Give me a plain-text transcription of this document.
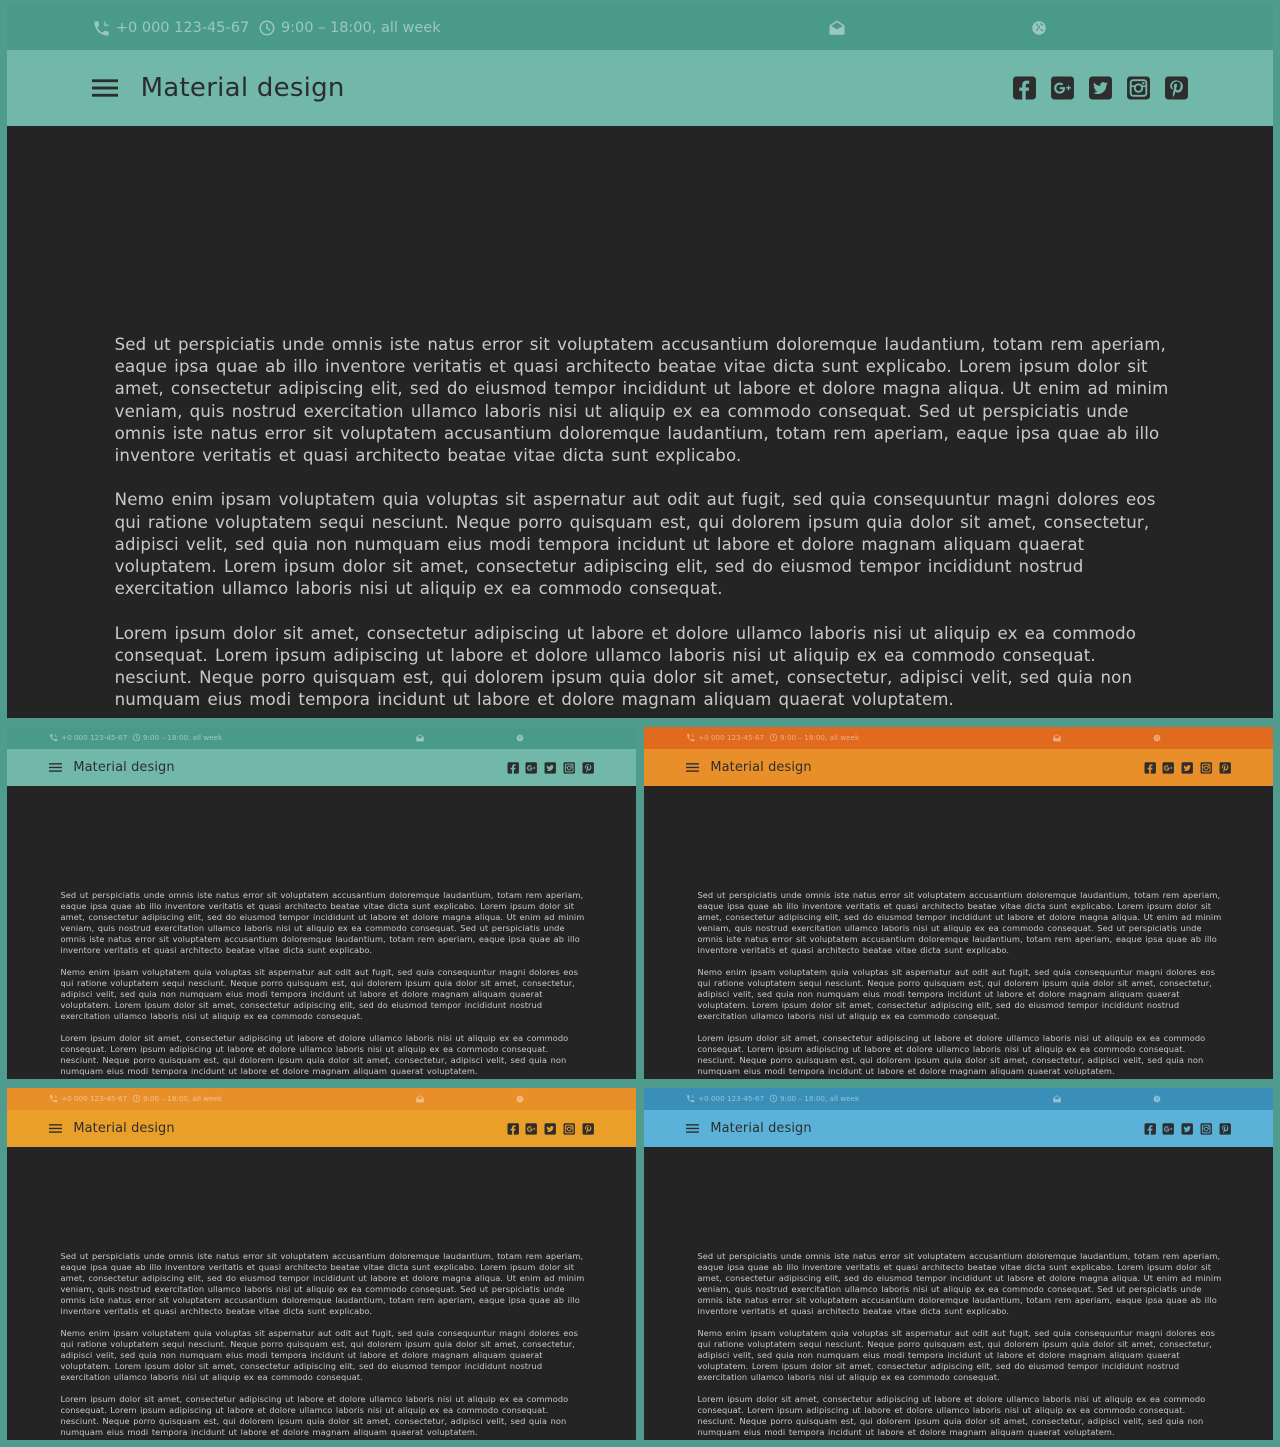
+0 000 123-45-67 9:00 – 18:00, all week
Material design

Sed ut perspiciatis unde omnis iste natus error sit voluptatem accusantium doloremque laudantium, totam rem aperiam, eaque ipsa quae ab illo inventore veritatis et quasi architecto beatae vitae dicta sunt explicabo. Lorem ipsum dolor sit amet, consectetur adipiscing elit, sed do eiusmod tempor incididunt ut labore et dolore magna aliqua. Ut enim ad minim veniam, quis nostrud exercitation ullamco laboris nisi ut aliquip ex ea commodo consequat. Sed ut perspiciatis unde omnis iste natus error sit voluptatem accusantium doloremque laudantium, totam rem aperiam, eaque ipsa quae ab illo inventore veritatis et quasi architecto beatae vitae dicta sunt explicabo.

Nemo enim ipsam voluptatem quia voluptas sit aspernatur aut odit aut fugit, sed quia consequuntur magni dolores eos qui ratione voluptatem sequi nesciunt. Neque porro quisquam est, qui dolorem ipsum quia dolor sit amet, consectetur, adipisci velit, sed quia non numquam eius modi tempora incidunt ut labore et dolore magnam aliquam quaerat voluptatem. Lorem ipsum dolor sit amet, consectetur adipiscing elit, sed do eiusmod tempor incididunt nostrud exercitation ullamco laboris nisi ut aliquip ex ea commodo consequat.

Lorem ipsum dolor sit amet, consectetur adipiscing ut labore et dolore ullamco laboris nisi ut aliquip ex ea commodo consequat. Lorem ipsum adipiscing ut labore et dolore ullamco laboris nisi ut aliquip ex ea commodo consequat. nesciunt. Neque porro quisquam est, qui dolorem ipsum quia dolor sit amet, consectetur, adipisci velit, sed quia non numquam eius modi tempora incidunt ut labore et dolore magnam aliquam quaerat voluptatem.

+0 000 123-45-67 9:00 – 18:00, all week
Material design

Sed ut perspiciatis unde omnis iste natus error sit voluptatem accusantium doloremque laudantium, totam rem aperiam, eaque ipsa quae ab illo inventore veritatis et quasi architecto beatae vitae dicta sunt explicabo. Lorem ipsum dolor sit amet, consectetur adipiscing elit, sed do eiusmod tempor incididunt ut labore et dolore magna aliqua. Ut enim ad minim veniam, quis nostrud exercitation ullamco laboris nisi ut aliquip ex ea commodo consequat. Sed ut perspiciatis unde omnis iste natus error sit voluptatem accusantium doloremque laudantium, totam rem aperiam, eaque ipsa quae ab illo inventore veritatis et quasi architecto beatae vitae dicta sunt explicabo.

Nemo enim ipsam voluptatem quia voluptas sit aspernatur aut odit aut fugit, sed quia consequuntur magni dolores eos qui ratione voluptatem sequi nesciunt. Neque porro quisquam est, qui dolorem ipsum quia dolor sit amet, consectetur, adipisci velit, sed quia non numquam eius modi tempora incidunt ut labore et dolore magnam aliquam quaerat voluptatem. Lorem ipsum dolor sit amet, consectetur adipiscing elit, sed do eiusmod tempor incididunt nostrud exercitation ullamco laboris nisi ut aliquip ex ea commodo consequat.

Lorem ipsum dolor sit amet, consectetur adipiscing ut labore et dolore ullamco laboris nisi ut aliquip ex ea commodo consequat. Lorem ipsum adipiscing ut labore et dolore ullamco laboris nisi ut aliquip ex ea commodo consequat. nesciunt. Neque porro quisquam est, qui dolorem ipsum quia dolor sit amet, consectetur, adipisci velit, sed quia non numquam eius modi tempora incidunt ut labore et dolore magnam aliquam quaerat voluptatem.

+0 000 123-45-67 9:00 – 18:00, all week
Material design

Sed ut perspiciatis unde omnis iste natus error sit voluptatem accusantium doloremque laudantium, totam rem aperiam, eaque ipsa quae ab illo inventore veritatis et quasi architecto beatae vitae dicta sunt explicabo. Lorem ipsum dolor sit amet, consectetur adipiscing elit, sed do eiusmod tempor incididunt ut labore et dolore magna aliqua. Ut enim ad minim veniam, quis nostrud exercitation ullamco laboris nisi ut aliquip ex ea commodo consequat. Sed ut perspiciatis unde omnis iste natus error sit voluptatem accusantium doloremque laudantium, totam rem aperiam, eaque ipsa quae ab illo inventore veritatis et quasi architecto beatae vitae dicta sunt explicabo.

Nemo enim ipsam voluptatem quia voluptas sit aspernatur aut odit aut fugit, sed quia consequuntur magni dolores eos qui ratione voluptatem sequi nesciunt. Neque porro quisquam est, qui dolorem ipsum quia dolor sit amet, consectetur, adipisci velit, sed quia non numquam eius modi tempora incidunt ut labore et dolore magnam aliquam quaerat voluptatem. Lorem ipsum dolor sit amet, consectetur adipiscing elit, sed do eiusmod tempor incididunt nostrud exercitation ullamco laboris nisi ut aliquip ex ea commodo consequat.

Lorem ipsum dolor sit amet, consectetur adipiscing ut labore et dolore ullamco laboris nisi ut aliquip ex ea commodo consequat. Lorem ipsum adipiscing ut labore et dolore ullamco laboris nisi ut aliquip ex ea commodo consequat. nesciunt. Neque porro quisquam est, qui dolorem ipsum quia dolor sit amet, consectetur, adipisci velit, sed quia non numquam eius modi tempora incidunt ut labore et dolore magnam aliquam quaerat voluptatem.

+0 000 123-45-67 9:00 – 18:00, all week
Material design

Sed ut perspiciatis unde omnis iste natus error sit voluptatem accusantium doloremque laudantium, totam rem aperiam, eaque ipsa quae ab illo inventore veritatis et quasi architecto beatae vitae dicta sunt explicabo. Lorem ipsum dolor sit amet, consectetur adipiscing elit, sed do eiusmod tempor incididunt ut labore et dolore magna aliqua. Ut enim ad minim veniam, quis nostrud exercitation ullamco laboris nisi ut aliquip ex ea commodo consequat. Sed ut perspiciatis unde omnis iste natus error sit voluptatem accusantium doloremque laudantium, totam rem aperiam, eaque ipsa quae ab illo inventore veritatis et quasi architecto beatae vitae dicta sunt explicabo.

Nemo enim ipsam voluptatem quia voluptas sit aspernatur aut odit aut fugit, sed quia consequuntur magni dolores eos qui ratione voluptatem sequi nesciunt. Neque porro quisquam est, qui dolorem ipsum quia dolor sit amet, consectetur, adipisci velit, sed quia non numquam eius modi tempora incidunt ut labore et dolore magnam aliquam quaerat voluptatem. Lorem ipsum dolor sit amet, consectetur adipiscing elit, sed do eiusmod tempor incididunt nostrud exercitation ullamco laboris nisi ut aliquip ex ea commodo consequat.

Lorem ipsum dolor sit amet, consectetur adipiscing ut labore et dolore ullamco laboris nisi ut aliquip ex ea commodo consequat. Lorem ipsum adipiscing ut labore et dolore ullamco laboris nisi ut aliquip ex ea commodo consequat. nesciunt. Neque porro quisquam est, qui dolorem ipsum quia dolor sit amet, consectetur, adipisci velit, sed quia non numquam eius modi tempora incidunt ut labore et dolore magnam aliquam quaerat voluptatem.

+0 000 123-45-67 9:00 – 18:00, all week
Material design

Sed ut perspiciatis unde omnis iste natus error sit voluptatem accusantium doloremque laudantium, totam rem aperiam, eaque ipsa quae ab illo inventore veritatis et quasi architecto beatae vitae dicta sunt explicabo. Lorem ipsum dolor sit amet, consectetur adipiscing elit, sed do eiusmod tempor incididunt ut labore et dolore magna aliqua. Ut enim ad minim veniam, quis nostrud exercitation ullamco laboris nisi ut aliquip ex ea commodo consequat. Sed ut perspiciatis unde omnis iste natus error sit voluptatem accusantium doloremque laudantium, totam rem aperiam, eaque ipsa quae ab illo inventore veritatis et quasi architecto beatae vitae dicta sunt explicabo.

Nemo enim ipsam voluptatem quia voluptas sit aspernatur aut odit aut fugit, sed quia consequuntur magni dolores eos qui ratione voluptatem sequi nesciunt. Neque porro quisquam est, qui dolorem ipsum quia dolor sit amet, consectetur, adipisci velit, sed quia non numquam eius modi tempora incidunt ut labore et dolore magnam aliquam quaerat voluptatem. Lorem ipsum dolor sit amet, consectetur adipiscing elit, sed do eiusmod tempor incididunt nostrud exercitation ullamco laboris nisi ut aliquip ex ea commodo consequat.

Lorem ipsum dolor sit amet, consectetur adipiscing ut labore et dolore ullamco laboris nisi ut aliquip ex ea commodo consequat. Lorem ipsum adipiscing ut labore et dolore ullamco laboris nisi ut aliquip ex ea commodo consequat. nesciunt. Neque porro quisquam est, qui dolorem ipsum quia dolor sit amet, consectetur, adipisci velit, sed quia non numquam eius modi tempora incidunt ut labore et dolore magnam aliquam quaerat voluptatem.
